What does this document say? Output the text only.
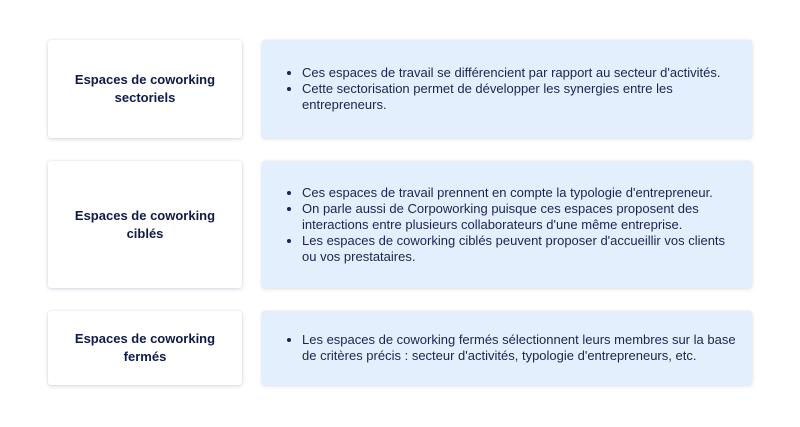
Espaces de coworking sectoriels
• Ces espaces de travail se différencient par rapport au secteur d'activités.
• Cette sectorisation permet de développer les synergies entre les entrepreneurs.
Espaces de coworking ciblés
• Ces espaces de travail prennent en compte la typologie d'entrepreneur.
• On parle aussi de Corpoworking puisque ces espaces proposent des interactions entre plusieurs collaborateurs d'une même entreprise.
• Les espaces de coworking ciblés peuvent proposer d'accueillir vos clients ou vos prestataires.
Espaces de coworking fermés
• Les espaces de coworking fermés sélectionnent leurs membres sur la base de critères précis : secteur d'activités, typologie d'entrepreneurs, etc.
